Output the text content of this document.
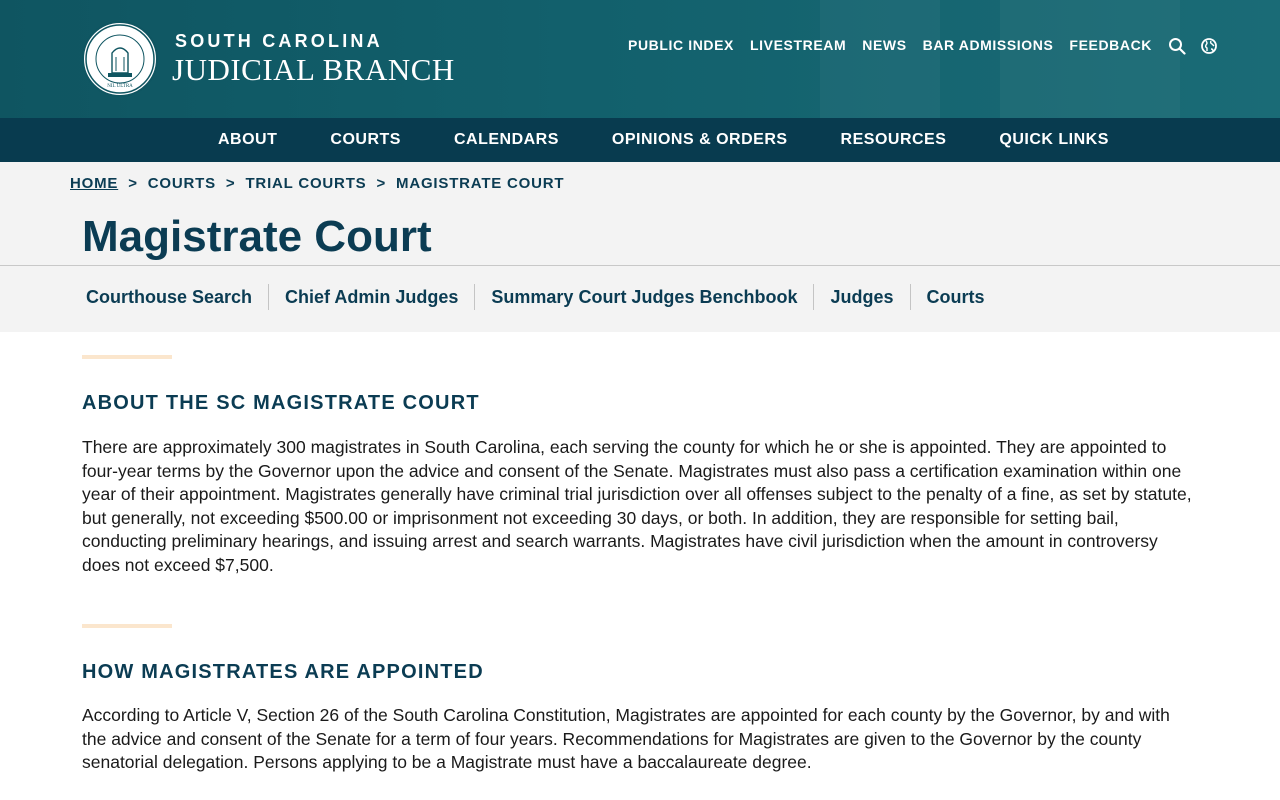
NIL ULTRA
SOUTH CAROLINA
JUDICIAL BRANCH
PUBLIC INDEX LIVESTREAM NEWS BAR ADMISSIONS FEEDBACK
ABOUT	COURTS	CALENDARS	OPINIONS & ORDERS	RESOURCES	QUICK LINKS
HOME > COURTS > TRIAL COURTS > MAGISTRATE COURT
Magistrate Court
Courthouse Search	Chief Admin Judges	Summary Court Judges Benchbook	Judges	Courts
ABOUT THE SC MAGISTRATE COURT

There are approximately 300 magistrates in South Carolina, each serving the county for which he or she is appointed. They are appointed to four-year terms by the Governor upon the advice and consent of the Senate. Magistrates must also pass a certification examination within one year of their appointment. Magistrates generally have criminal trial jurisdiction over all offenses subject to the penalty of a fine, as set by statute, but generally, not exceeding $500.00 or imprisonment not exceeding 30 days, or both. In addition, they are responsible for setting bail, conducting preliminary hearings, and issuing arrest and search warrants. Magistrates have civil jurisdiction when the amount in controversy does not exceed $7,500.

HOW MAGISTRATES ARE APPOINTED

According to Article V, Section 26 of the South Carolina Constitution, Magistrates are appointed for each county by the Governor, by and with the advice and consent of the Senate for a term of four years. Recommendations for Magistrates are given to the Governor by the county senatorial delegation. Persons applying to be a Magistrate must have a baccalaureate degree.
